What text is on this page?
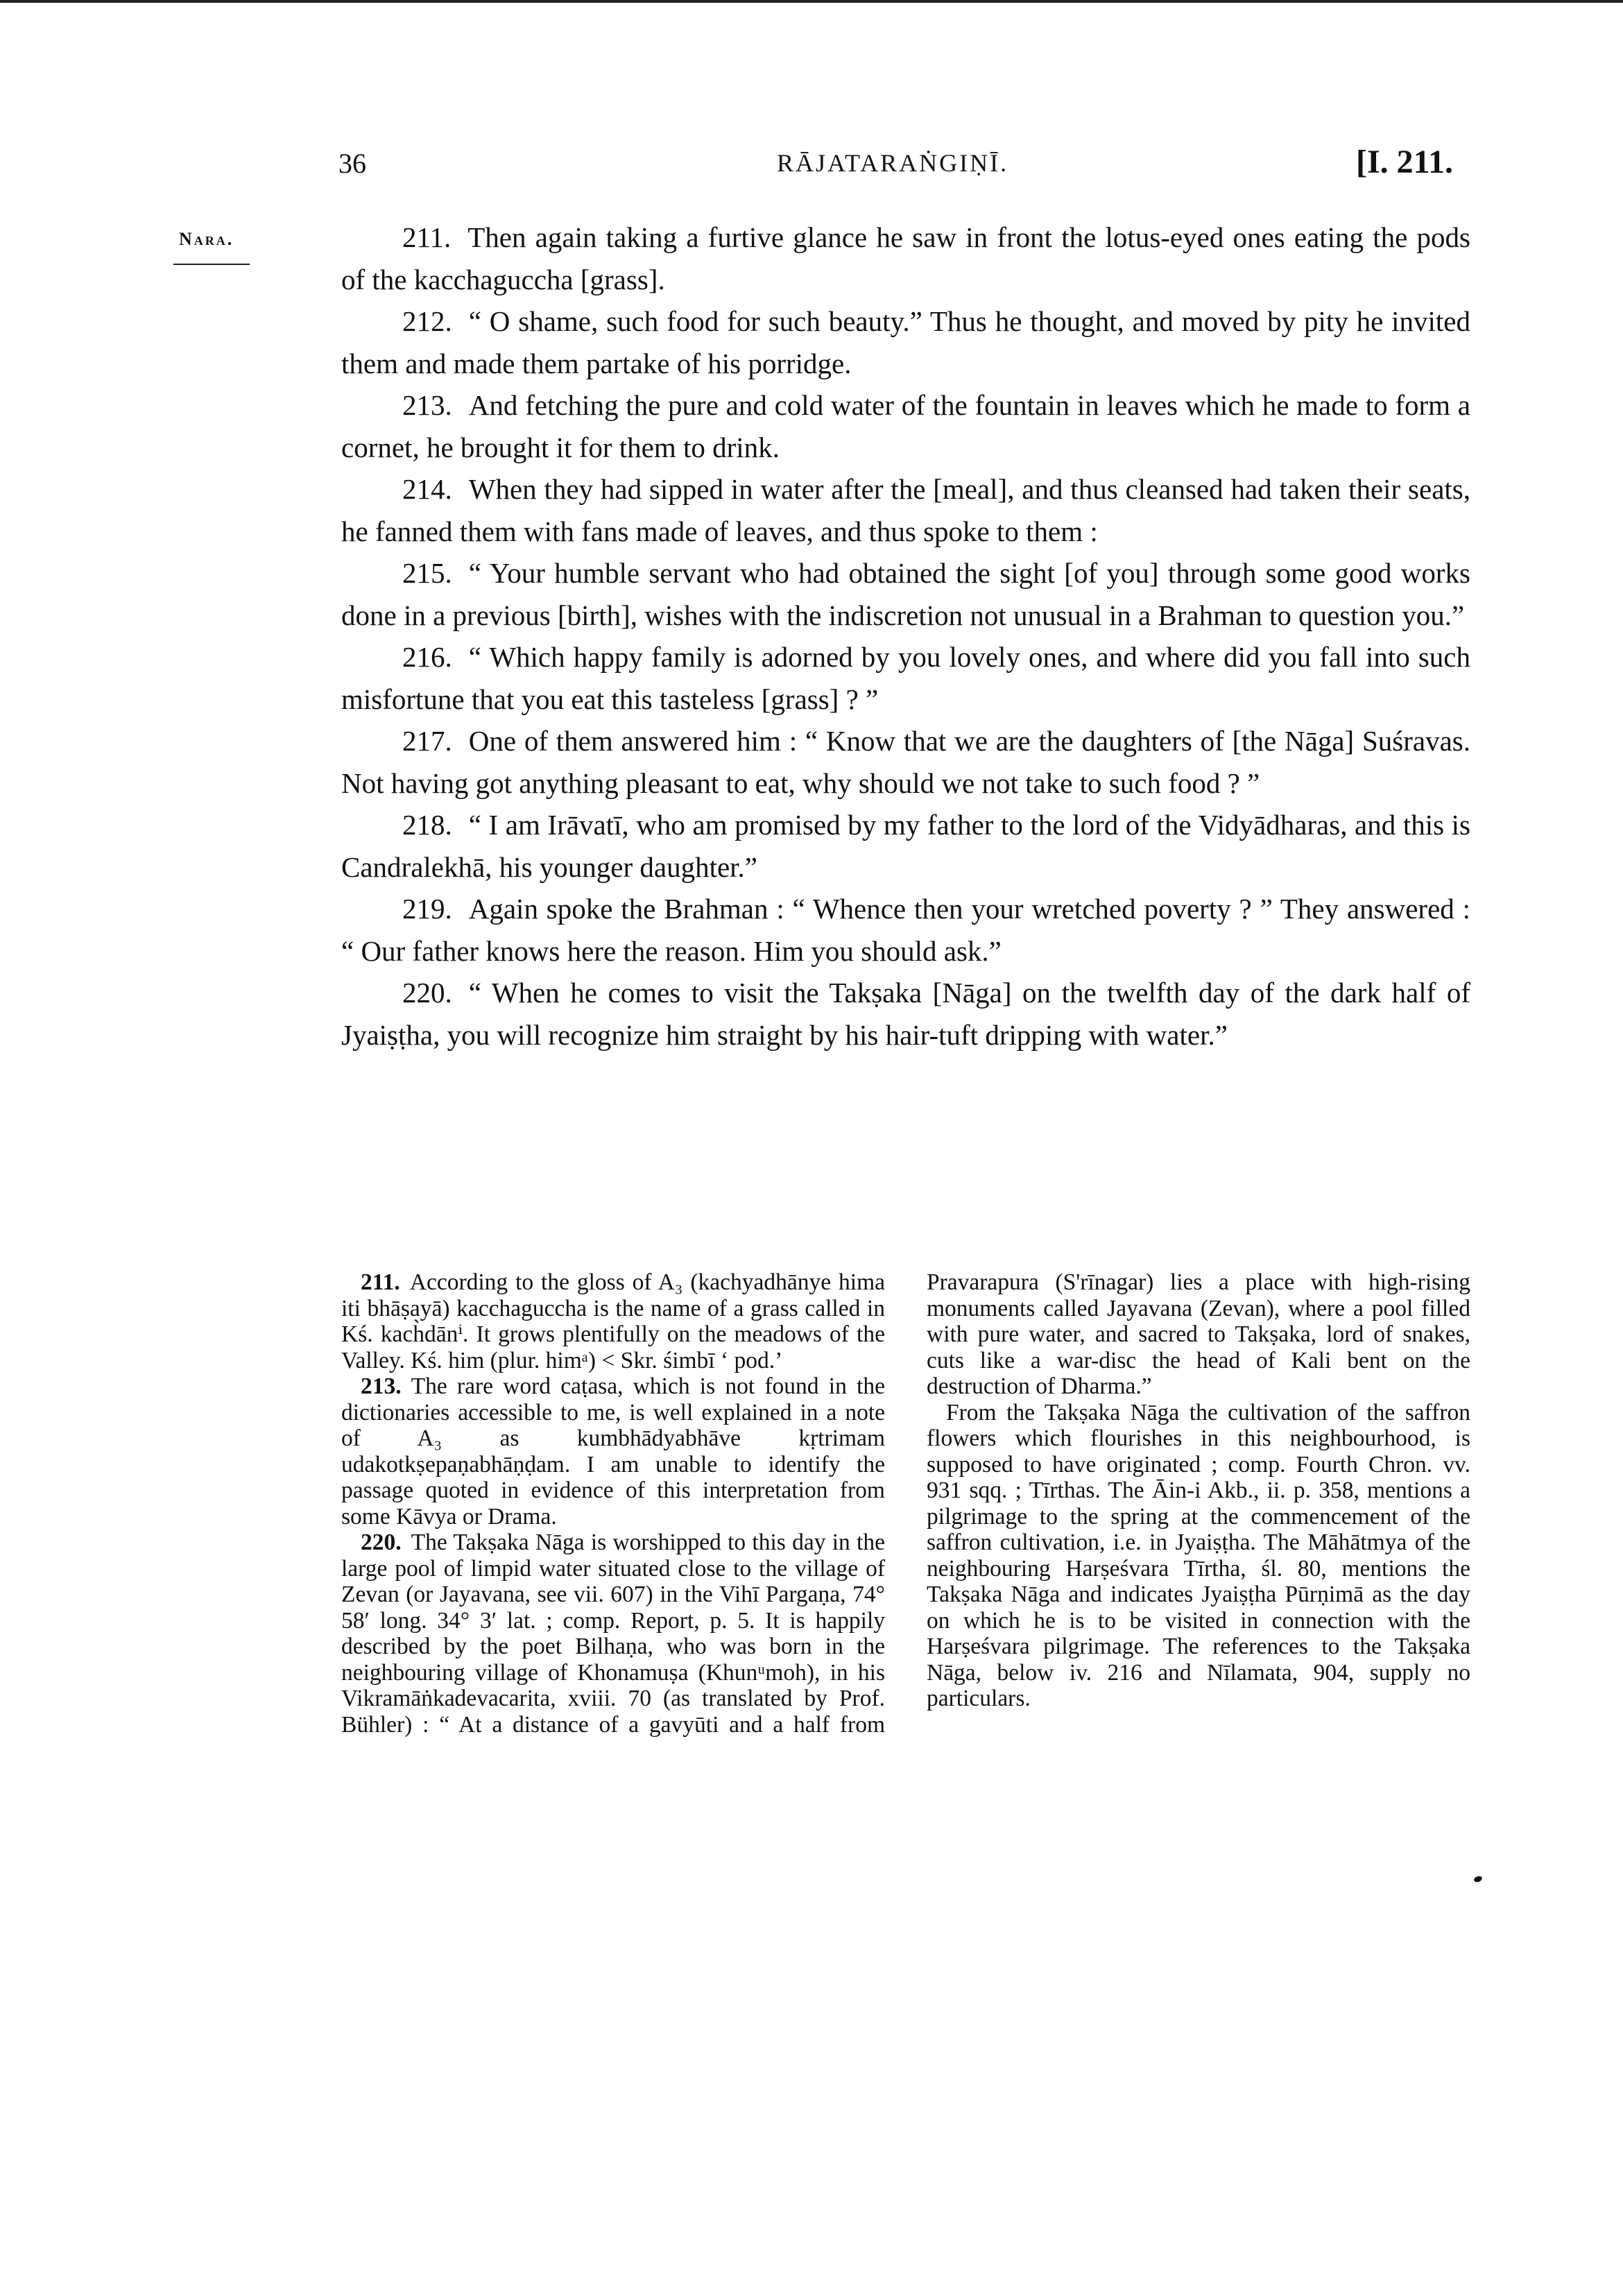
36	RĀJATARAṄGIṆĪ.	[I. 211.
Nara.	211. Then again taking a furtive glance he saw in front the lotus-eyed ones eating the pods of the kacchaguccha [grass].

212. “ O shame, such food for such beauty.” Thus he thought, and moved by pity he invited them and made them partake of his porridge.

213. And fetching the pure and cold water of the fountain in leaves which he made to form a cornet, he brought it for them to drink.

214. When they had sipped in water after the [meal], and thus cleansed had taken their seats, he fanned them with fans made of leaves, and thus spoke to them :

215. “ Your humble servant who had obtained the sight [of you] through some good works done in a previous [birth], wishes with the indiscretion not unusual in a Brahman to question you.”

216. “ Which happy family is adorned by you lovely ones, and where did you fall into such misfortune that you eat this tasteless [grass] ? ”

217. One of them answered him : “ Know that we are the daughters of [the Nāga] Suśravas. Not having got anything pleasant to eat, why should we not take to such food ? ”

218. “ I am Irāvatī, who am promised by my father to the lord of the Vidyādharas, and this is Candralekhā, his younger daughter.”

219. Again spoke the Brahman : “ Whence then your wretched poverty ? ” They answered : “ Our father knows here the reason. Him you should ask.”

220. “ When he comes to visit the Takṣaka [Nāga] on the twelfth day of the dark half of Jyaiṣṭha, you will recognize him straight by his hair-tuft dripping with water.”

211. According to the gloss of A₃ (kachyadhānye hima iti bhāṣayā) kacchaguccha is the name of a grass called in Kś. kach̀dānⁱ. It grows plentifully on the meadows of the Valley. Kś. him (plur. himᵃ) < Skr. śimbī ‘ pod.’

213. The rare word caṭasa, which is not found in the dictionaries accessible to me, is well explained in a note of A₃ as kumbhādyabhāve kṛtrimam udakotkṣepaṇabhāṇḍam. I am unable to identify the passage quoted in evidence of this interpretation from some Kāvya or Drama.

220. The Takṣaka Nāga is worshipped to this day in the large pool of limpid water situated close to the village of Zevan (or Jayavana, see vii. 607) in the Vihī Pargaṇa, 74° 58′ long. 34° 3′ lat. ; comp. Report, p. 5. It is happily described by the poet Bilhaṇa, who was born in the neighbouring village of Khonamuṣa (Khunᵘmoh), in his Vikramāṅkadevacarita, xviii. 70 (as translated by Prof. Bühler) : “ At a distance of a gavyūti and a half from Pravarapura (S'rīnagar) lies a place with high-rising monuments called Jayavana (Zevan), where a pool filled with pure water, and sacred to Takṣaka, lord of snakes, cuts like a war-disc the head of Kali bent on the destruction of Dharma.”

From the Takṣaka Nāga the cultivation of the saffron flowers which flourishes in this neighbourhood, is supposed to have originated ; comp. Fourth Chron. vv. 931 sqq. ; Tīrthas. The Āin-i Akb., ii. p. 358, mentions a pilgrimage to the spring at the commencement of the saffron cultivation, i.e. in Jyaiṣṭha. The Māhātmya of the neighbouring Harṣeśvara Tīrtha, śl. 80, mentions the Takṣaka Nāga and indicates Jyaiṣṭha Pūrṇimā as the day on which he is to be visited in connection with the Harṣeśvara pilgrimage. The references to the Takṣaka Nāga, below iv. 216 and Nīlamata, 904, supply no particulars.
